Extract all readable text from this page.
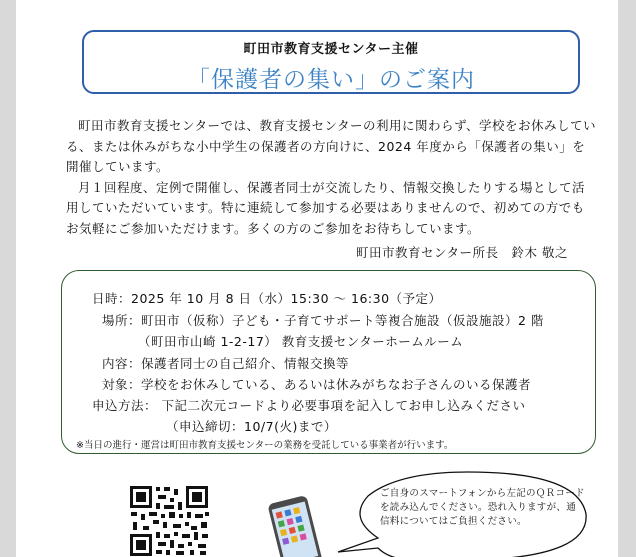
町田市教育支援センター主催
「保護者の集い」のご案内

町田市教育支援センターでは、教育支援センターの利用に関わらず、学校をお休みしている、または休みがちな小中学生の保護者の方向けに、2024 年度から「保護者の集い」を開催しています。

月１回程度、定例で開催し、保護者同士が交流したり、情報交換したりする場として活用していただいています。特に連続して参加する必要はありませんので、初めての方でもお気軽にご参加いただけます。多くの方のご参加をお待ちしています。

町田市教育センター所長　鈴木 敬之
日時：2025 年 10 月 8 日（水）15:30 ～ 16:30（予定）
場所：町田市（仮称）子ども・子育てサポート等複合施設（仮設施設）2 階
（町田市山崎 1-2-17） 教育支援センターホームルーム
内容：保護者同士の自己紹介、情報交換等
対象：学校をお休みしている、あるいは休みがちなお子さんのいる保護者
申込方法： 下記二次元コードより必要事項を記入してお申し込みください
（申込締切：10/7(火)まで）
※当日の進行・運営は町田市教育支援センターの業務を受託している事業者が行います。
ご自身のスマートフォンから左記のＱＲコードを読み込んでください。恐れ入りますが、通信料についてはご負担ください。
